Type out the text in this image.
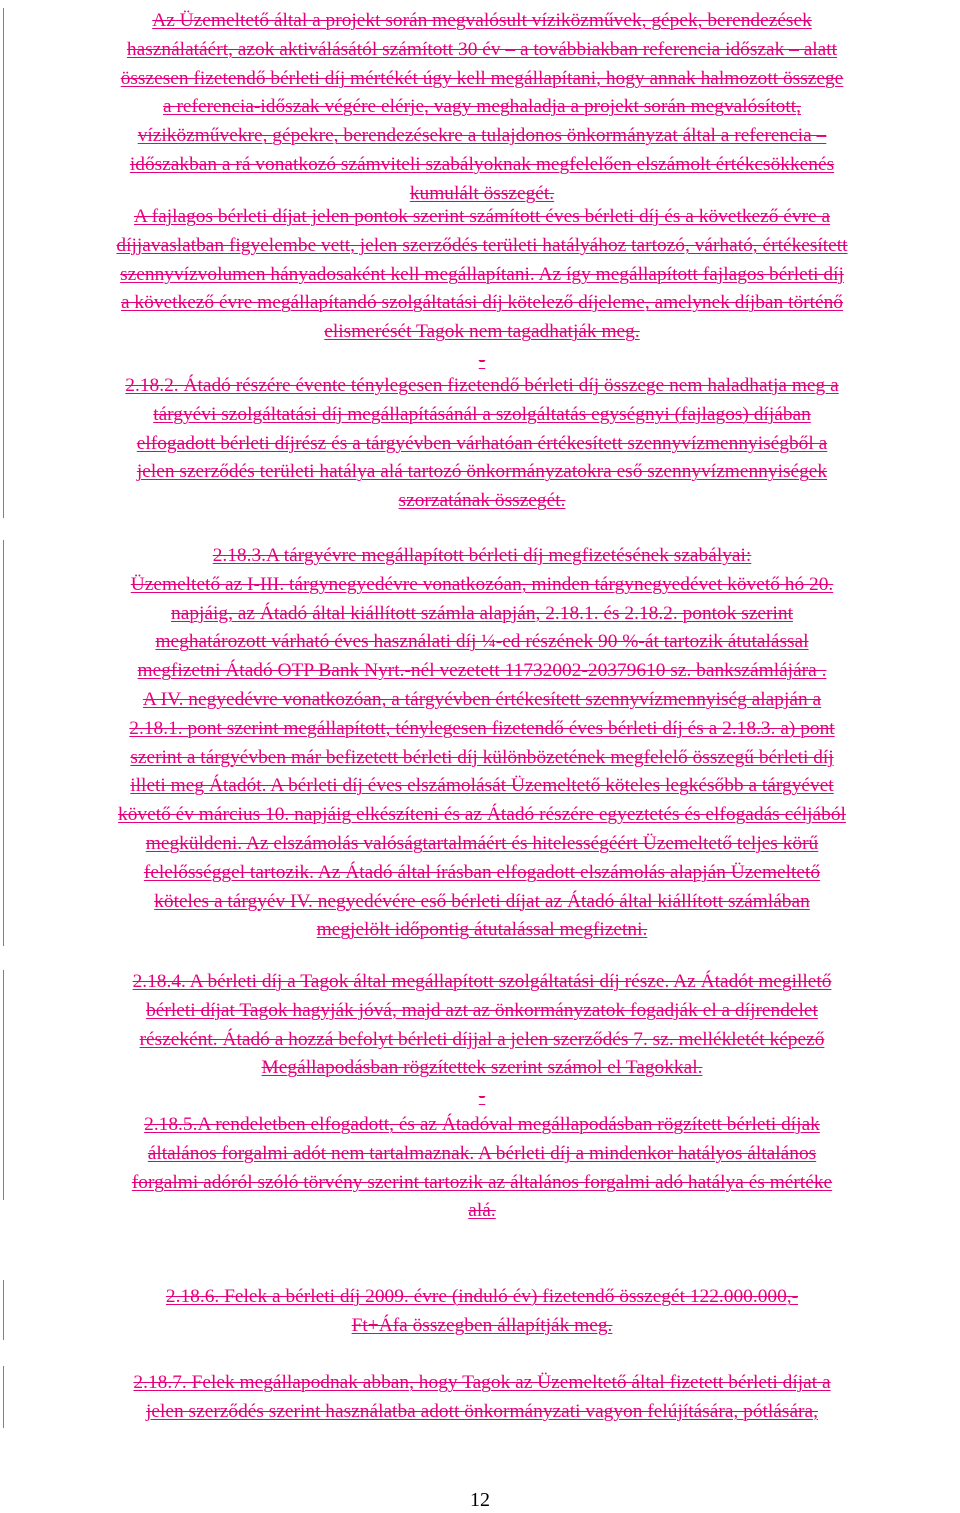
Az Üzemeltető által a projekt során megvalósult víziközművek, gépek, berendezések
használatáért, azok aktiválásától számított 30 év – a továbbiakban referencia időszak – alatt
összesen fizetendő bérleti díj mértékét úgy kell megállapítani, hogy annak halmozott összege
a referencia-időszak végére elérje, vagy meghaladja a projekt során megvalósított,
víziközművekre, gépekre, berendezésekre a tulajdonos önkormányzat által a referencia –
időszakban a rá vonatkozó számviteli szabályoknak megfelelően elszámolt értékcsökkenés
kumulált összegét.
A fajlagos bérleti díjat jelen pontok szerint számított éves bérleti díj és a következő évre a
díjjavaslatban figyelembe vett, jelen szerződés területi hatályához tartozó, várható, értékesített
szennyvízvolumen hányadosaként kell megállapítani. Az így megállapított fajlagos bérleti díj
a következő évre megállapítandó szolgáltatási díj kötelező díjeleme, amelynek díjban történő
elismerését Tagok nem tagadhatják meg.
-
2.18.2. Átadó részére évente ténylegesen fizetendő bérleti díj összege nem haladhatja meg a
tárgyévi szolgáltatási díj megállapításánál a szolgáltatás egységnyi (fajlagos) díjában
elfogadott bérleti díjrész és a tárgyévben várhatóan értékesített szennyvízmennyiségből a
jelen szerződés területi hatálya alá tartozó önkormányzatokra eső szennyvízmennyiségek
szorzatának összegét.
2.18.3.A tárgyévre megállapított bérleti díj megfizetésének szabályai:
Üzemeltető az I-III. tárgynegyedévre vonatkozóan, minden tárgynegyedévet követő hó 20.
napjáig, az Átadó által kiállított számla alapján, 2.18.1. és 2.18.2. pontok szerint
meghatározott várható éves használati díj ¼-ed részének 90 %-át tartozik átutalással
megfizetni Átadó OTP Bank Nyrt.-nél vezetett 11732002-20379610 sz. bankszámlájára .
A IV. negyedévre vonatkozóan, a tárgyévben értékesített szennyvízmennyiség alapján a
2.18.1. pont szerint megállapított, ténylegesen fizetendő éves bérleti díj és a 2.18.3. a) pont
szerint a tárgyévben már befizetett bérleti díj különbözetének megfelelő összegű bérleti díj
illeti meg Átadót. A bérleti díj éves elszámolását Üzemeltető köteles legkésőbb a tárgyévet
követő év március 10. napjáig elkészíteni és az Átadó részére egyeztetés és elfogadás céljából
megküldeni. Az elszámolás valóságtartalmáért és hitelességéért Üzemeltető teljes körű
felelősséggel tartozik. Az Átadó által írásban elfogadott elszámolás alapján Üzemeltető
köteles a tárgyév IV. negyedévére eső bérleti díjat az Átadó által kiállított számlában
megjelölt időpontig átutalással megfizetni.
2.18.4. A bérleti díj a Tagok által megállapított szolgáltatási díj része. Az Átadót megillető
bérleti díjat Tagok hagyják jóvá, majd azt az önkormányzatok fogadják el a díjrendelet
részeként. Átadó a hozzá befolyt bérleti díjjal a jelen szerződés 7. sz. mellékletét képező
Megállapodásban rögzítettek szerint számol el Tagokkal.
-
2.18.5.A rendeletben elfogadott, és az Átadóval megállapodásban rögzített bérleti díjak
általános forgalmi adót nem tartalmaznak. A bérleti díj a mindenkor hatályos általános
forgalmi adóról szóló törvény szerint tartozik az általános forgalmi adó hatálya és mértéke
alá.
2.18.6. Felek a bérleti díj 2009. évre (induló év) fizetendő összegét 122.000.000,-
Ft+Áfa összegben állapítják meg.
2.18.7. Felek megállapodnak abban, hogy Tagok az Üzemeltető által fizetett bérleti díjat a
jelen szerződés szerint használatba adott önkormányzati vagyon felújítására, pótlására,
12
